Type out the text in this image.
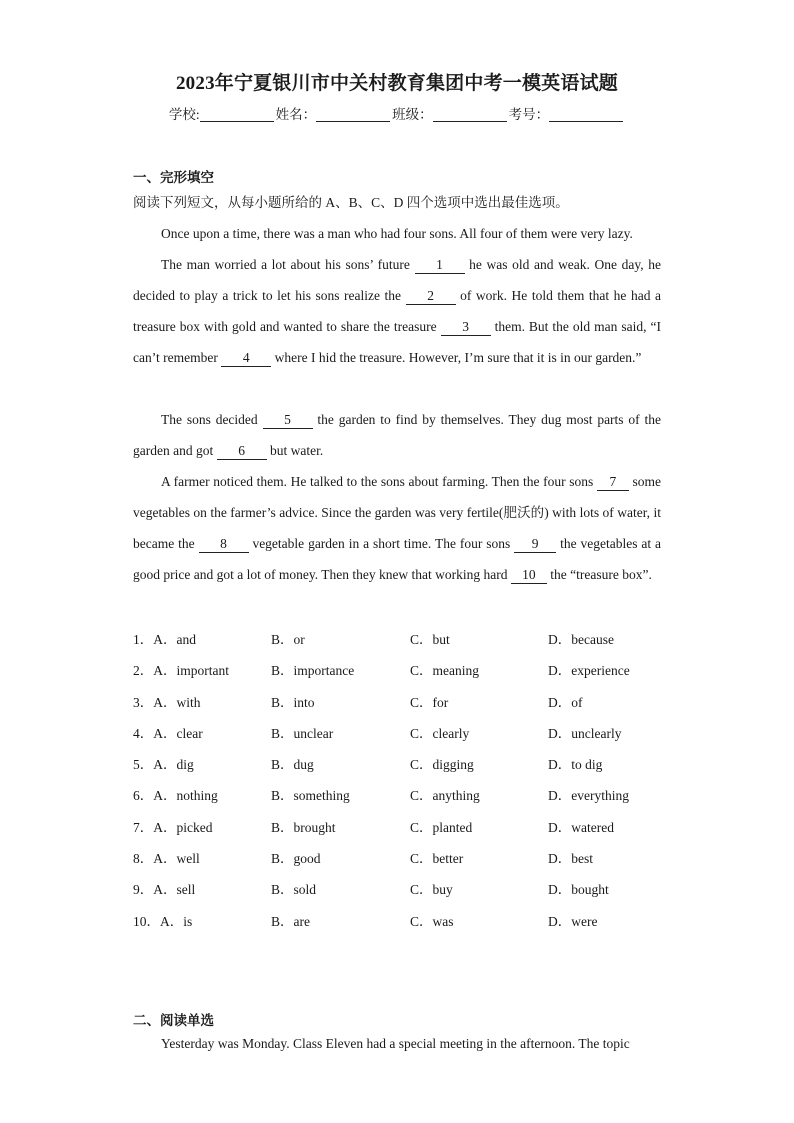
2023年宁夏银川市中关村教育集团中考一模英语试题
学校:	姓名：	班级：	考号：
一、完形填空
阅读下列短文，从每小题所给的 A、B、C、D 四个选项中选出最佳选项。
Once upon a time, there was a man who had four sons. All four of them were very lazy.
The man worried a lot about his sons’ future 1 he was old and weak. One day, he decided to play a trick to let his sons realize the 2 of work. He told them that he had a treasure box with gold and wanted to share the treasure 3 them. But the old man said, “I can’t remember 4 where I hid the treasure. However, I’m sure that it is in our garden.”
The sons decided 5 the garden to find by themselves. They dug most parts of the garden and got 6 but water.
A farmer noticed them. He talked to the sons about farming. Then the four sons 7 some vegetables on the farmer’s advice. Since the garden was very fertile(肥沃的) with lots of water, it became the 8 vegetable garden in a short time. The four sons 9 the vegetables at a good price and got a lot of money. Then they knew that working hard 10 the “treasure box”.
1．A．and	B．or	C．but	D．because
2．A．important	B．importance	C．meaning	D．experience
3．A．with	B．into	C．for	D．of
4．A．clear	B．unclear	C．clearly	D．unclearly
5．A．dig	B．dug	C．digging	D．to dig
6．A．nothing	B．something	C．anything	D．everything
7．A．picked	B．brought	C．planted	D．watered
8．A．well	B．good	C．better	D．best
9．A．sell	B．sold	C．buy	D．bought
10．A．is	B．are	C．was	D．were
二、阅读单选
Yesterday was Monday. Class Eleven had a special meeting in the afternoon. The topic
